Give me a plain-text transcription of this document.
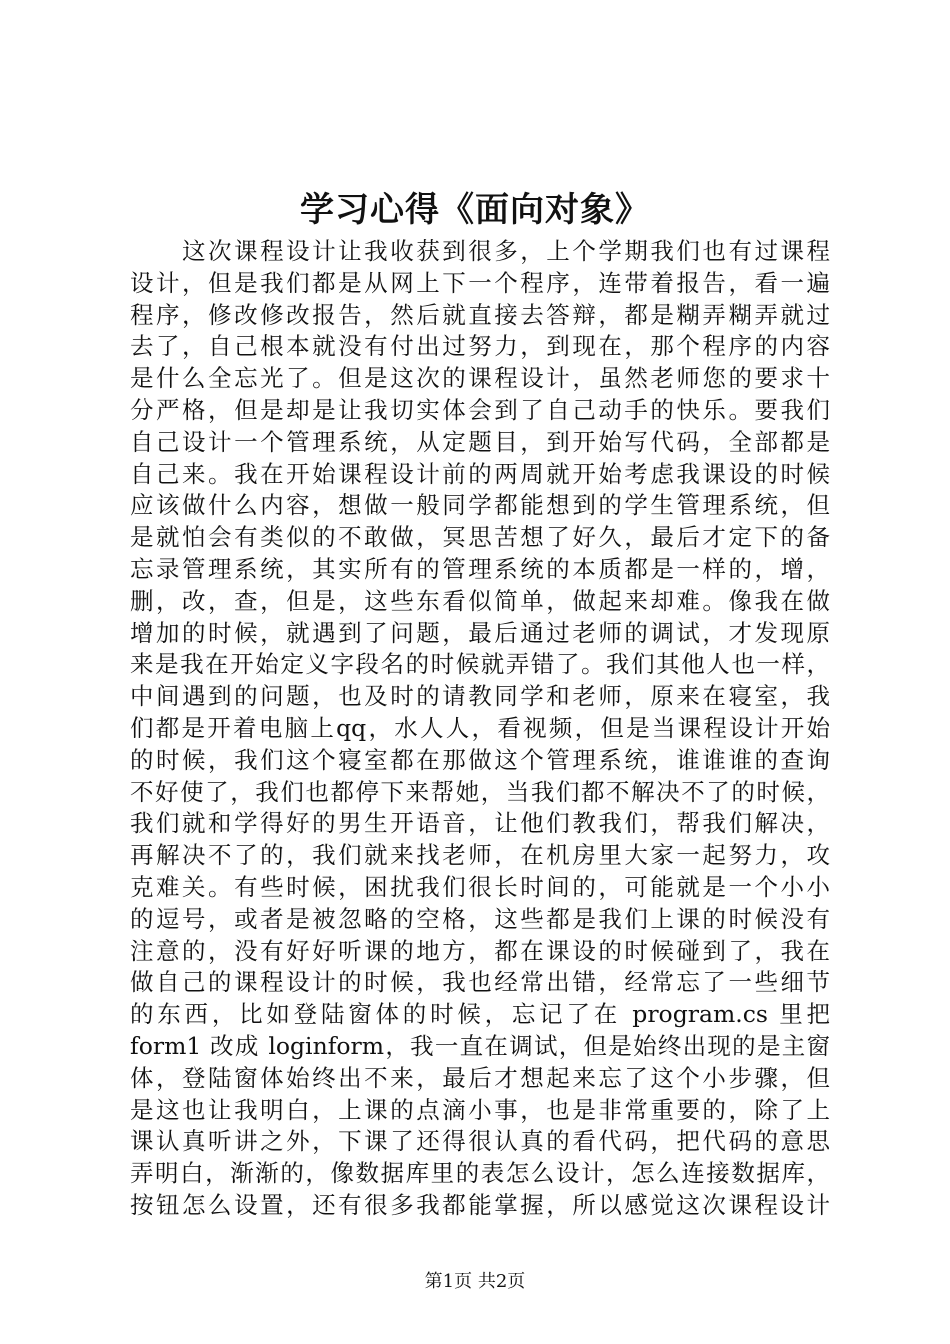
学习心得《面向对象》
　　这次课程设计让我收获到很多，上个学期我们也有过课程
设计，但是我们都是从网上下一个程序，连带着报告，看一遍
程序，修改修改报告，然后就直接去答辩，都是糊弄糊弄就过
去了，自己根本就没有付出过努力，到现在，那个程序的内容
是什么全忘光了。但是这次的课程设计，虽然老师您的要求十
分严格，但是却是让我切实体会到了自己动手的快乐。要我们
自己设计一个管理系统，从定题目，到开始写代码，全部都是
自己来。我在开始课程设计前的两周就开始考虑我课设的时候
应该做什么内容，想做一般同学都能想到的学生管理系统，但
是就怕会有类似的不敢做，冥思苦想了好久，最后才定下的备
忘录管理系统，其实所有的管理系统的本质都是一样的，增，
删，改，查，但是，这些东看似简单，做起来却难。像我在做
增加的时候，就遇到了问题，最后通过老师的调试，才发现原
来是我在开始定义字段名的时候就弄错了。我们其他人也一样，
中间遇到的问题，也及时的请教同学和老师，原来在寝室，我
们都是开着电脑上qq，水人人，看视频，但是当课程设计开始
的时候，我们这个寝室都在那做这个管理系统，谁谁谁的查询
不好使了，我们也都停下来帮她，当我们都不解决不了的时候，
我们就和学得好的男生开语音，让他们教我们，帮我们解决，
再解决不了的，我们就来找老师，在机房里大家一起努力，攻
克难关。有些时候，困扰我们很长时间的，可能就是一个小小
的逗号，或者是被忽略的空格，这些都是我们上课的时候没有
注意的，没有好好听课的地方，都在课设的时候碰到了，我在
做自己的课程设计的时候，我也经常出错，经常忘了一些细节
的东西，比如登陆窗体的时候，忘记了在 program.cs 里把
form1 改成 loginform，我一直在调试，但是始终出现的是主窗
体，登陆窗体始终出不来，最后才想起来忘了这个小步骤，但
是这也让我明白，上课的点滴小事，也是非常重要的，除了上
课认真听讲之外，下课了还得很认真的看代码，把代码的意思
弄明白，渐渐的，像数据库里的表怎么设计，怎么连接数据库，
按钮怎么设置，还有很多我都能掌握，所以感觉这次课程设计
第1页 共2页
